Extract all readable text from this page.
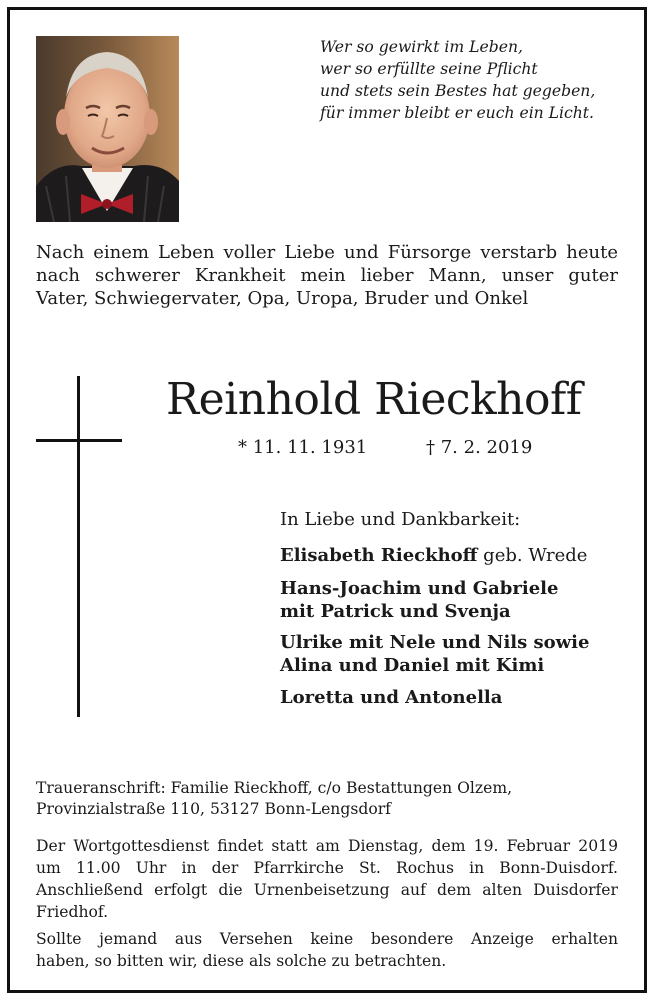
Wer so gewirkt im Leben,
wer so erfüllte seine Pflicht
und stets sein Bestes hat gegeben,
für immer bleibt er euch ein Licht.
Nach einem Leben voller Liebe und Fürsorge verstarb heute
nach schwerer Krankheit mein lieber Mann, unser guter
Vater, Schwiegervater, Opa, Uropa, Bruder und Onkel
Reinhold Rieckhoff
* 11. 11. 1931	† 7. 2. 2019
In Liebe und Dankbarkeit:
Elisabeth Rieckhoff geb. Wrede
Hans-Joachim und Gabriele
mit Patrick und Svenja
Ulrike mit Nele und Nils sowie
Alina und Daniel mit Kimi
Loretta und Antonella
Traueranschrift: Familie Rieckhoff, c/o Bestattungen Olzem,
Provinzialstraße 110, 53127 Bonn-Lengsdorf
Der Wortgottesdienst findet statt am Dienstag, dem 19. Februar 2019
um 11.00 Uhr in der Pfarrkirche St. Rochus in Bonn-Duisdorf.
Anschließend erfolgt die Urnenbeisetzung auf dem alten Duisdorfer
Friedhof.
Sollte jemand aus Versehen keine besondere Anzeige erhalten
haben, so bitten wir, diese als solche zu betrachten.
